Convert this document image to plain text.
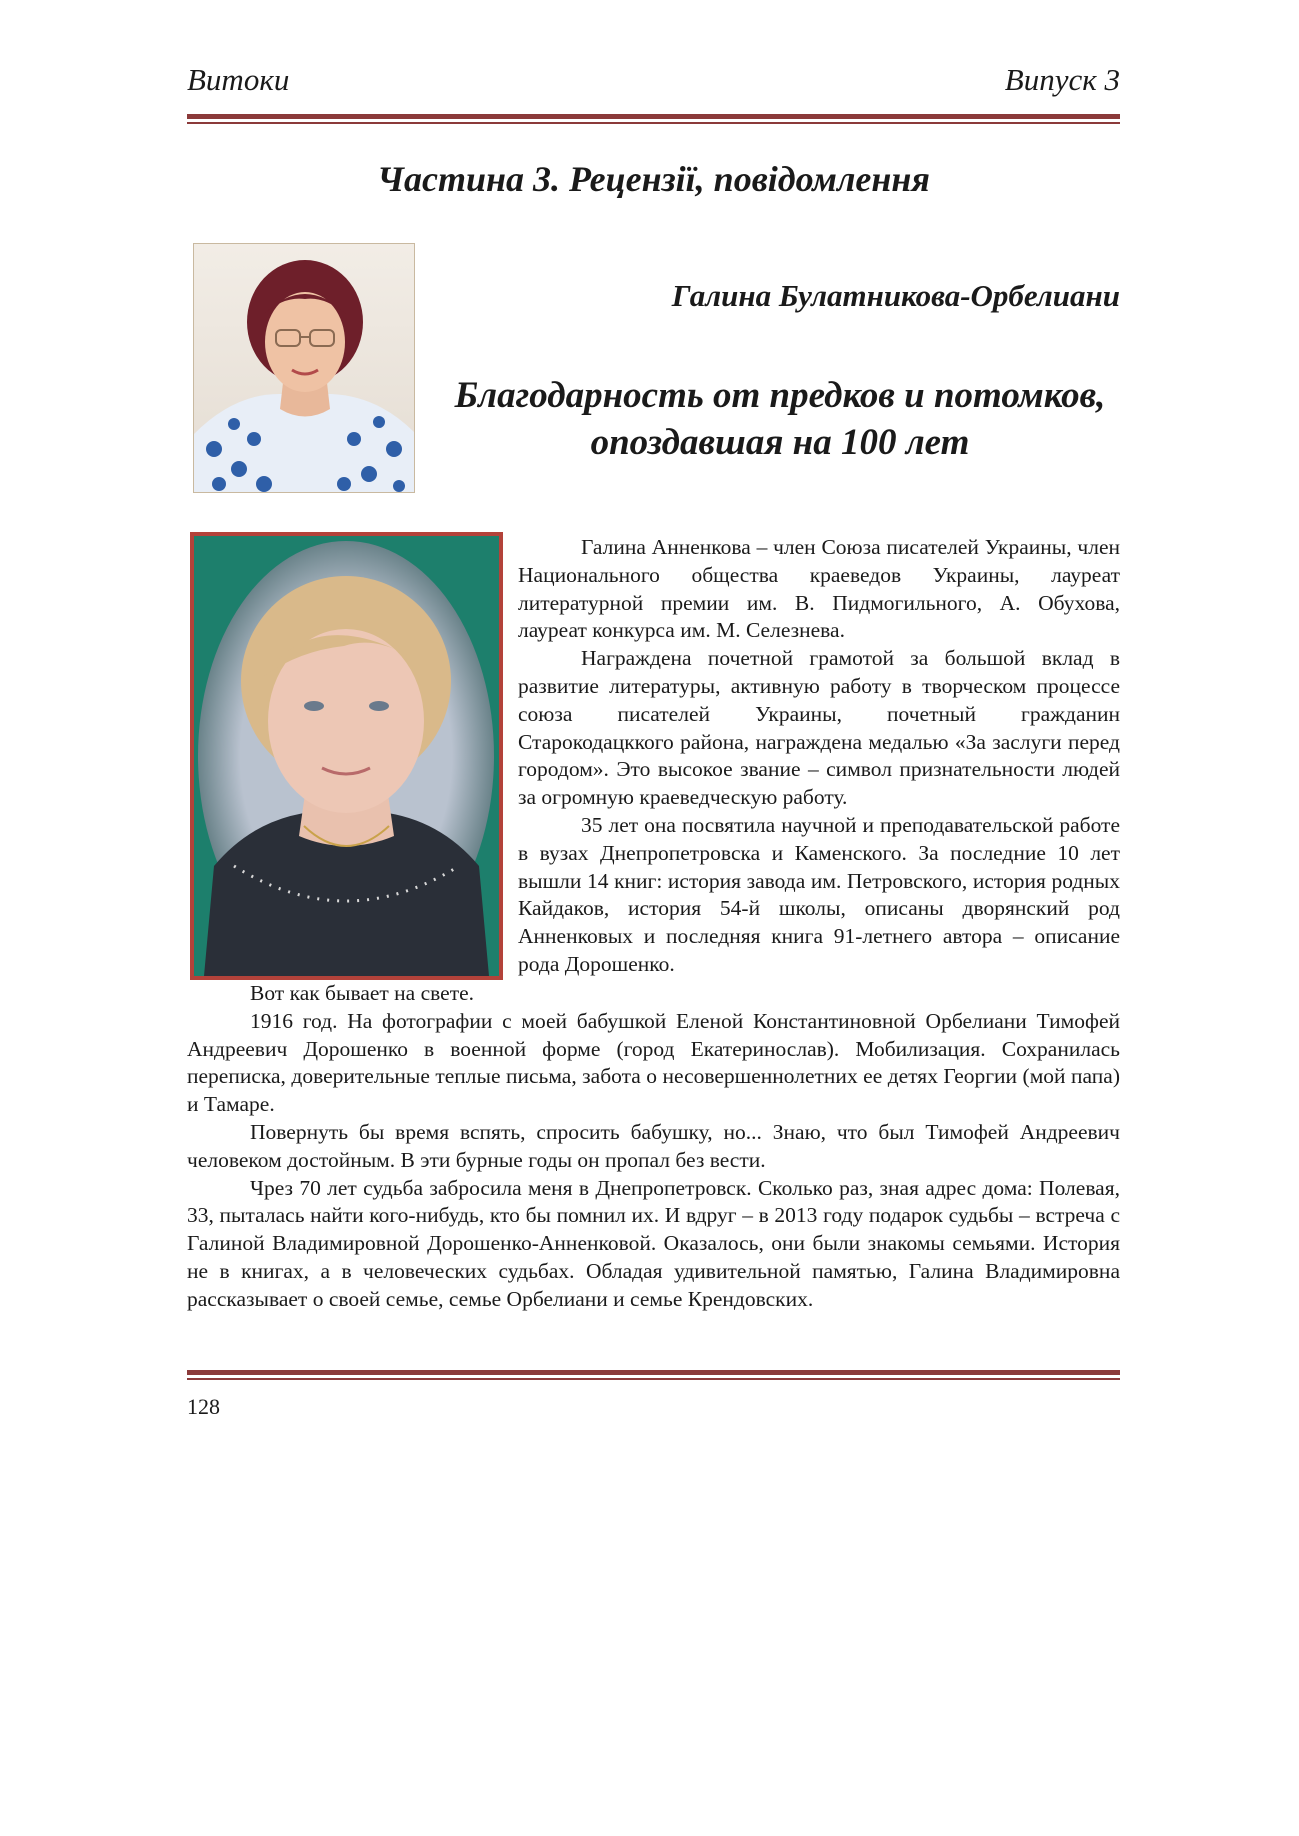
Витоки	Випуск 3
Частина 3. Рецензії, повідомлення
Галина Булатникова-Орбелиани
Благодарность от предков и потомков,
опоздавшая на 100 лет

Галина Анненкова – член Союза писателей Украины, член Национального общества краеведов Украины, лауреат литературной премии им. В. Пидмогильного, А. Обухова, лауреат конкурса им. М. Селезнева.

Награждена почетной грамотой за большой вклад в развитие литературы, активную работу в творческом процессе союза писателей Украины, почетный гражданин Старокодацккого района, награждена медалью «За заслуги перед городом». Это высокое звание – символ признательности людей за огромную краеведческую работу.

35 лет она посвятила научной и преподавательской работе в вузах Днепропетровска и Каменского. За последние 10 лет вышли 14 книг: история завода им. Петровского, история родных Кайдаков, история 54-й школы, описаны дворянский род Анненковых и последняя книга 91-летнего автора – описание рода Дорошенко.

Вот как бывает на свете.

1916 год. На фотографии с моей бабушкой Еленой Константиновной Орбелиани Тимофей Андреевич Дорошенко в военной форме (город Екатеринослав). Мобилизация. Сохранилась переписка, доверительные теплые письма, забота о несовершеннолетних ее детях Георгии (мой папа) и Тамаре.

Повернуть бы время вспять, спросить бабушку, но... Знаю, что был Тимофей Андреевич человеком достойным. В эти бурные годы он пропал без вести.

Чрез 70 лет судьба забросила меня в Днепропетровск. Сколько раз, зная адрес дома: Полевая, 33, пыталась найти кого-нибудь, кто бы помнил их. И вдруг – в 2013 году подарок судьбы – встреча с Галиной Владимировной Дорошенко-Анненковой. Оказалось, они были знакомы семьями. История не в книгах, а в человеческих судьбах. Обладая удивительной памятью, Галина Владимировна рассказывает о своей семье, семье Орбелиани и семье Крендовских.

128
